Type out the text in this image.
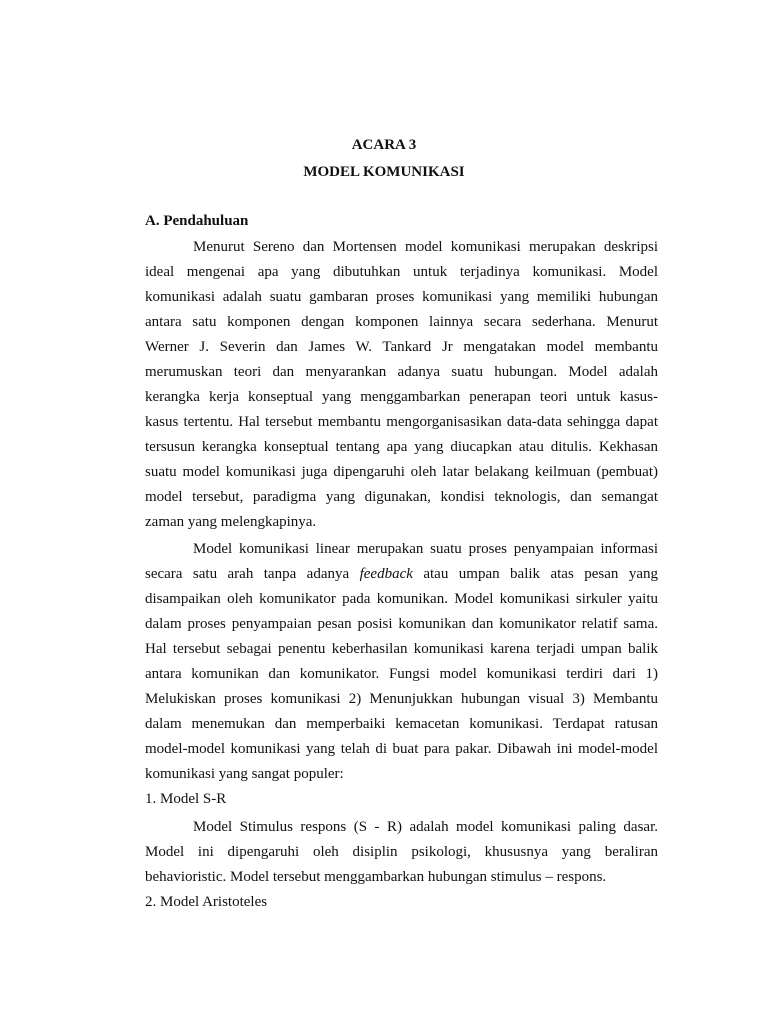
ACARA 3
MODEL KOMUNIKASI
A. Pendahuluan
Menurut Sereno dan Mortensen model komunikasi merupakan deskripsi
ideal mengenai apa yang dibutuhkan untuk terjadinya komunikasi. Model
komunikasi adalah suatu gambaran proses komunikasi yang memiliki hubungan
antara satu komponen dengan komponen lainnya secara sederhana. Menurut
Werner J. Severin dan James W. Tankard Jr mengatakan model membantu
merumuskan teori dan menyarankan adanya suatu hubungan. Model adalah
kerangka kerja konseptual yang menggambarkan penerapan teori untuk kasus-
kasus tertentu. Hal tersebut membantu mengorganisasikan data-data sehingga dapat
tersusun kerangka konseptual tentang apa yang diucapkan atau ditulis. Kekhasan
suatu model komunikasi juga dipengaruhi oleh latar belakang keilmuan (pembuat)
model tersebut, paradigma yang digunakan, kondisi teknologis, dan semangat
zaman yang melengkapinya.
Model komunikasi linear merupakan suatu proses penyampaian informasi
secara satu arah tanpa adanya feedback atau umpan balik atas pesan yang
disampaikan oleh komunikator pada komunikan. Model komunikasi sirkuler yaitu
dalam proses penyampaian pesan posisi komunikan dan komunikator relatif sama.
Hal tersebut sebagai penentu keberhasilan komunikasi karena terjadi umpan balik
antara komunikan dan komunikator. Fungsi model komunikasi terdiri dari 1)
Melukiskan proses komunikasi 2) Menunjukkan hubungan visual 3) Membantu
dalam menemukan dan memperbaiki kemacetan komunikasi. Terdapat ratusan
model-model komunikasi yang telah di buat para pakar. Dibawah ini model-model
komunikasi yang sangat populer:
1. Model S-R
Model Stimulus respons (S - R) adalah model komunikasi paling dasar.
Model ini dipengaruhi oleh disiplin psikologi, khususnya yang beraliran
behavioristic. Model tersebut menggambarkan hubungan stimulus – respons.
2. Model Aristoteles
